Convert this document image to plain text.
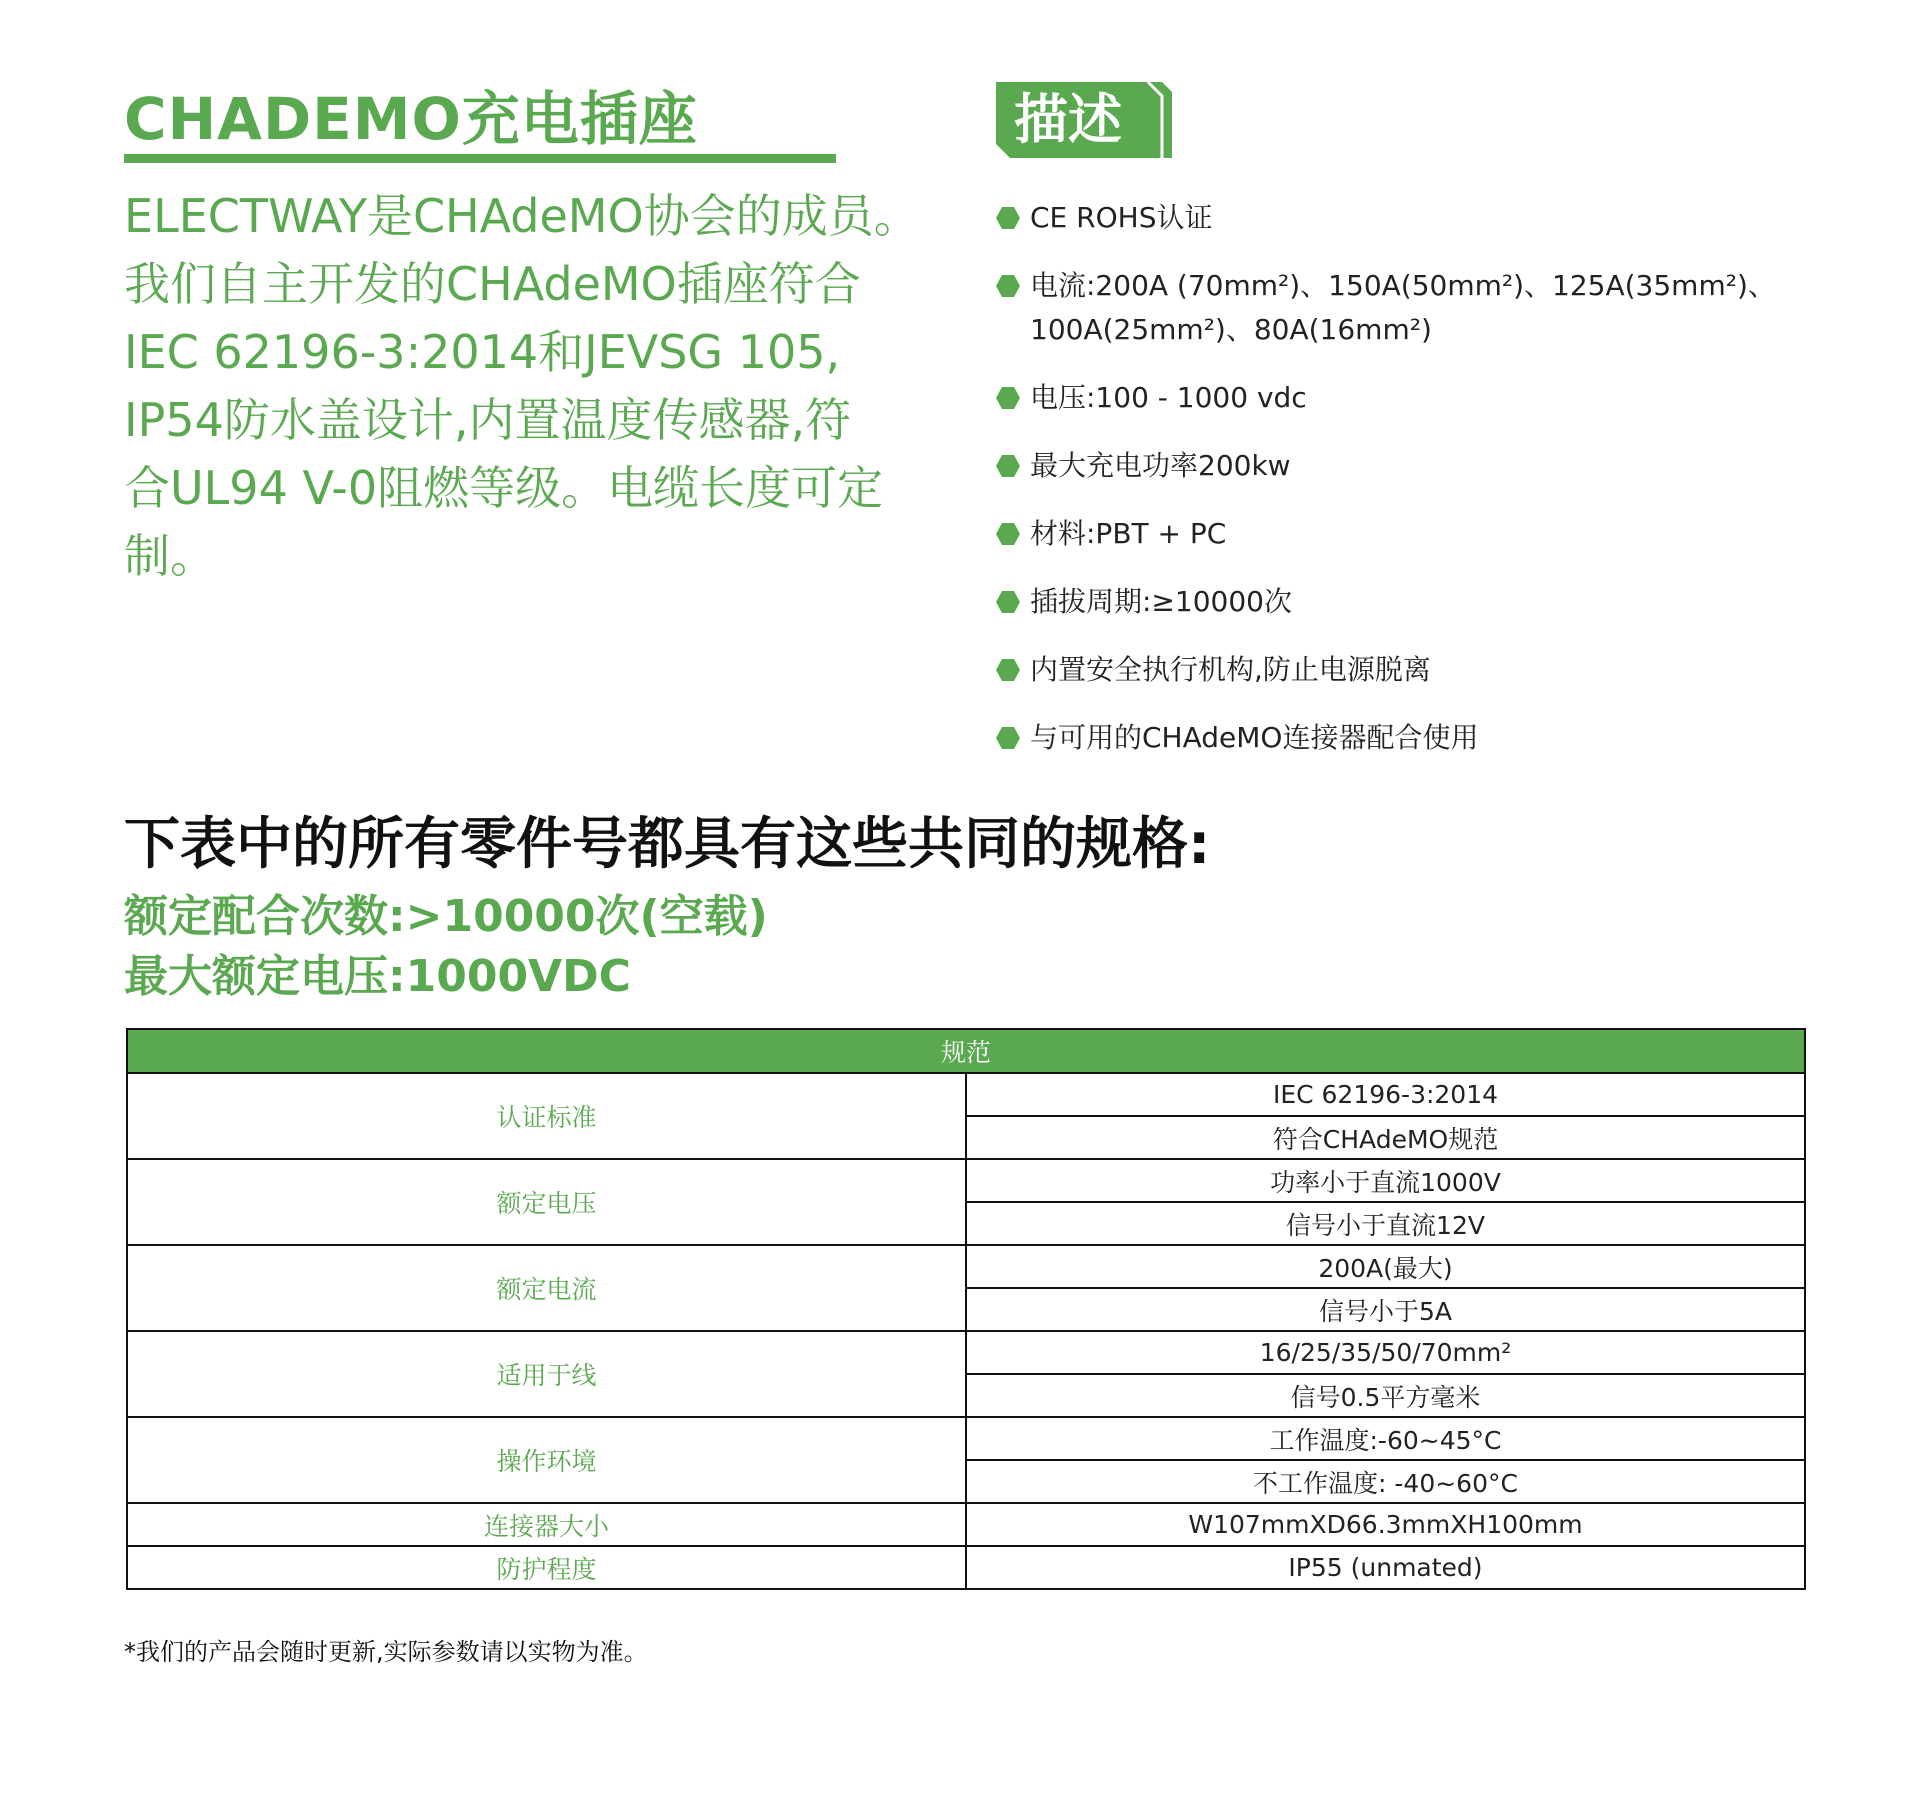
CHADEMO充电插座
ELECTWAY是CHAdeMO协会的成员。
我们自主开发的CHAdeMO插座符合
IEC 62196-3:2014和JEVSG 105,
IP54防水盖设计,内置温度传感器,符
合UL94 V-0阻燃等级。电缆长度可定
制。
描述
CE ROHS认证
电流:200A (70mm²)、150A(50mm²)、125A(35mm²)、100A(25mm²)、80A(16mm²)
电压:100 - 1000 vdc
最大充电功率200kw
材料:PBT + PC
插拔周期:≥10000次
内置安全执行机构,防止电源脱离
与可用的CHAdeMO连接器配合使用
下表中的所有零件号都具有这些共同的规格:
额定配合次数:>10000次(空载)
最大额定电压:1000VDC
规范	
认证标准	IEC 62196-3:2014
	符合CHAdeMO规范
额定电压	功率小于直流1000V
	信号小于直流12V
额定电流	200A(最大)
	信号小于5A
适用于线	16/25/35/50/70mm²
	信号0.5平方毫米
操作环境	工作温度:-60~45°C
	不工作温度: -40~60°C
连接器大小	W107mmXD66.3mmXH100mm
防护程度	IP55 (unmated)
*我们的产品会随时更新,实际参数请以实物为准。
